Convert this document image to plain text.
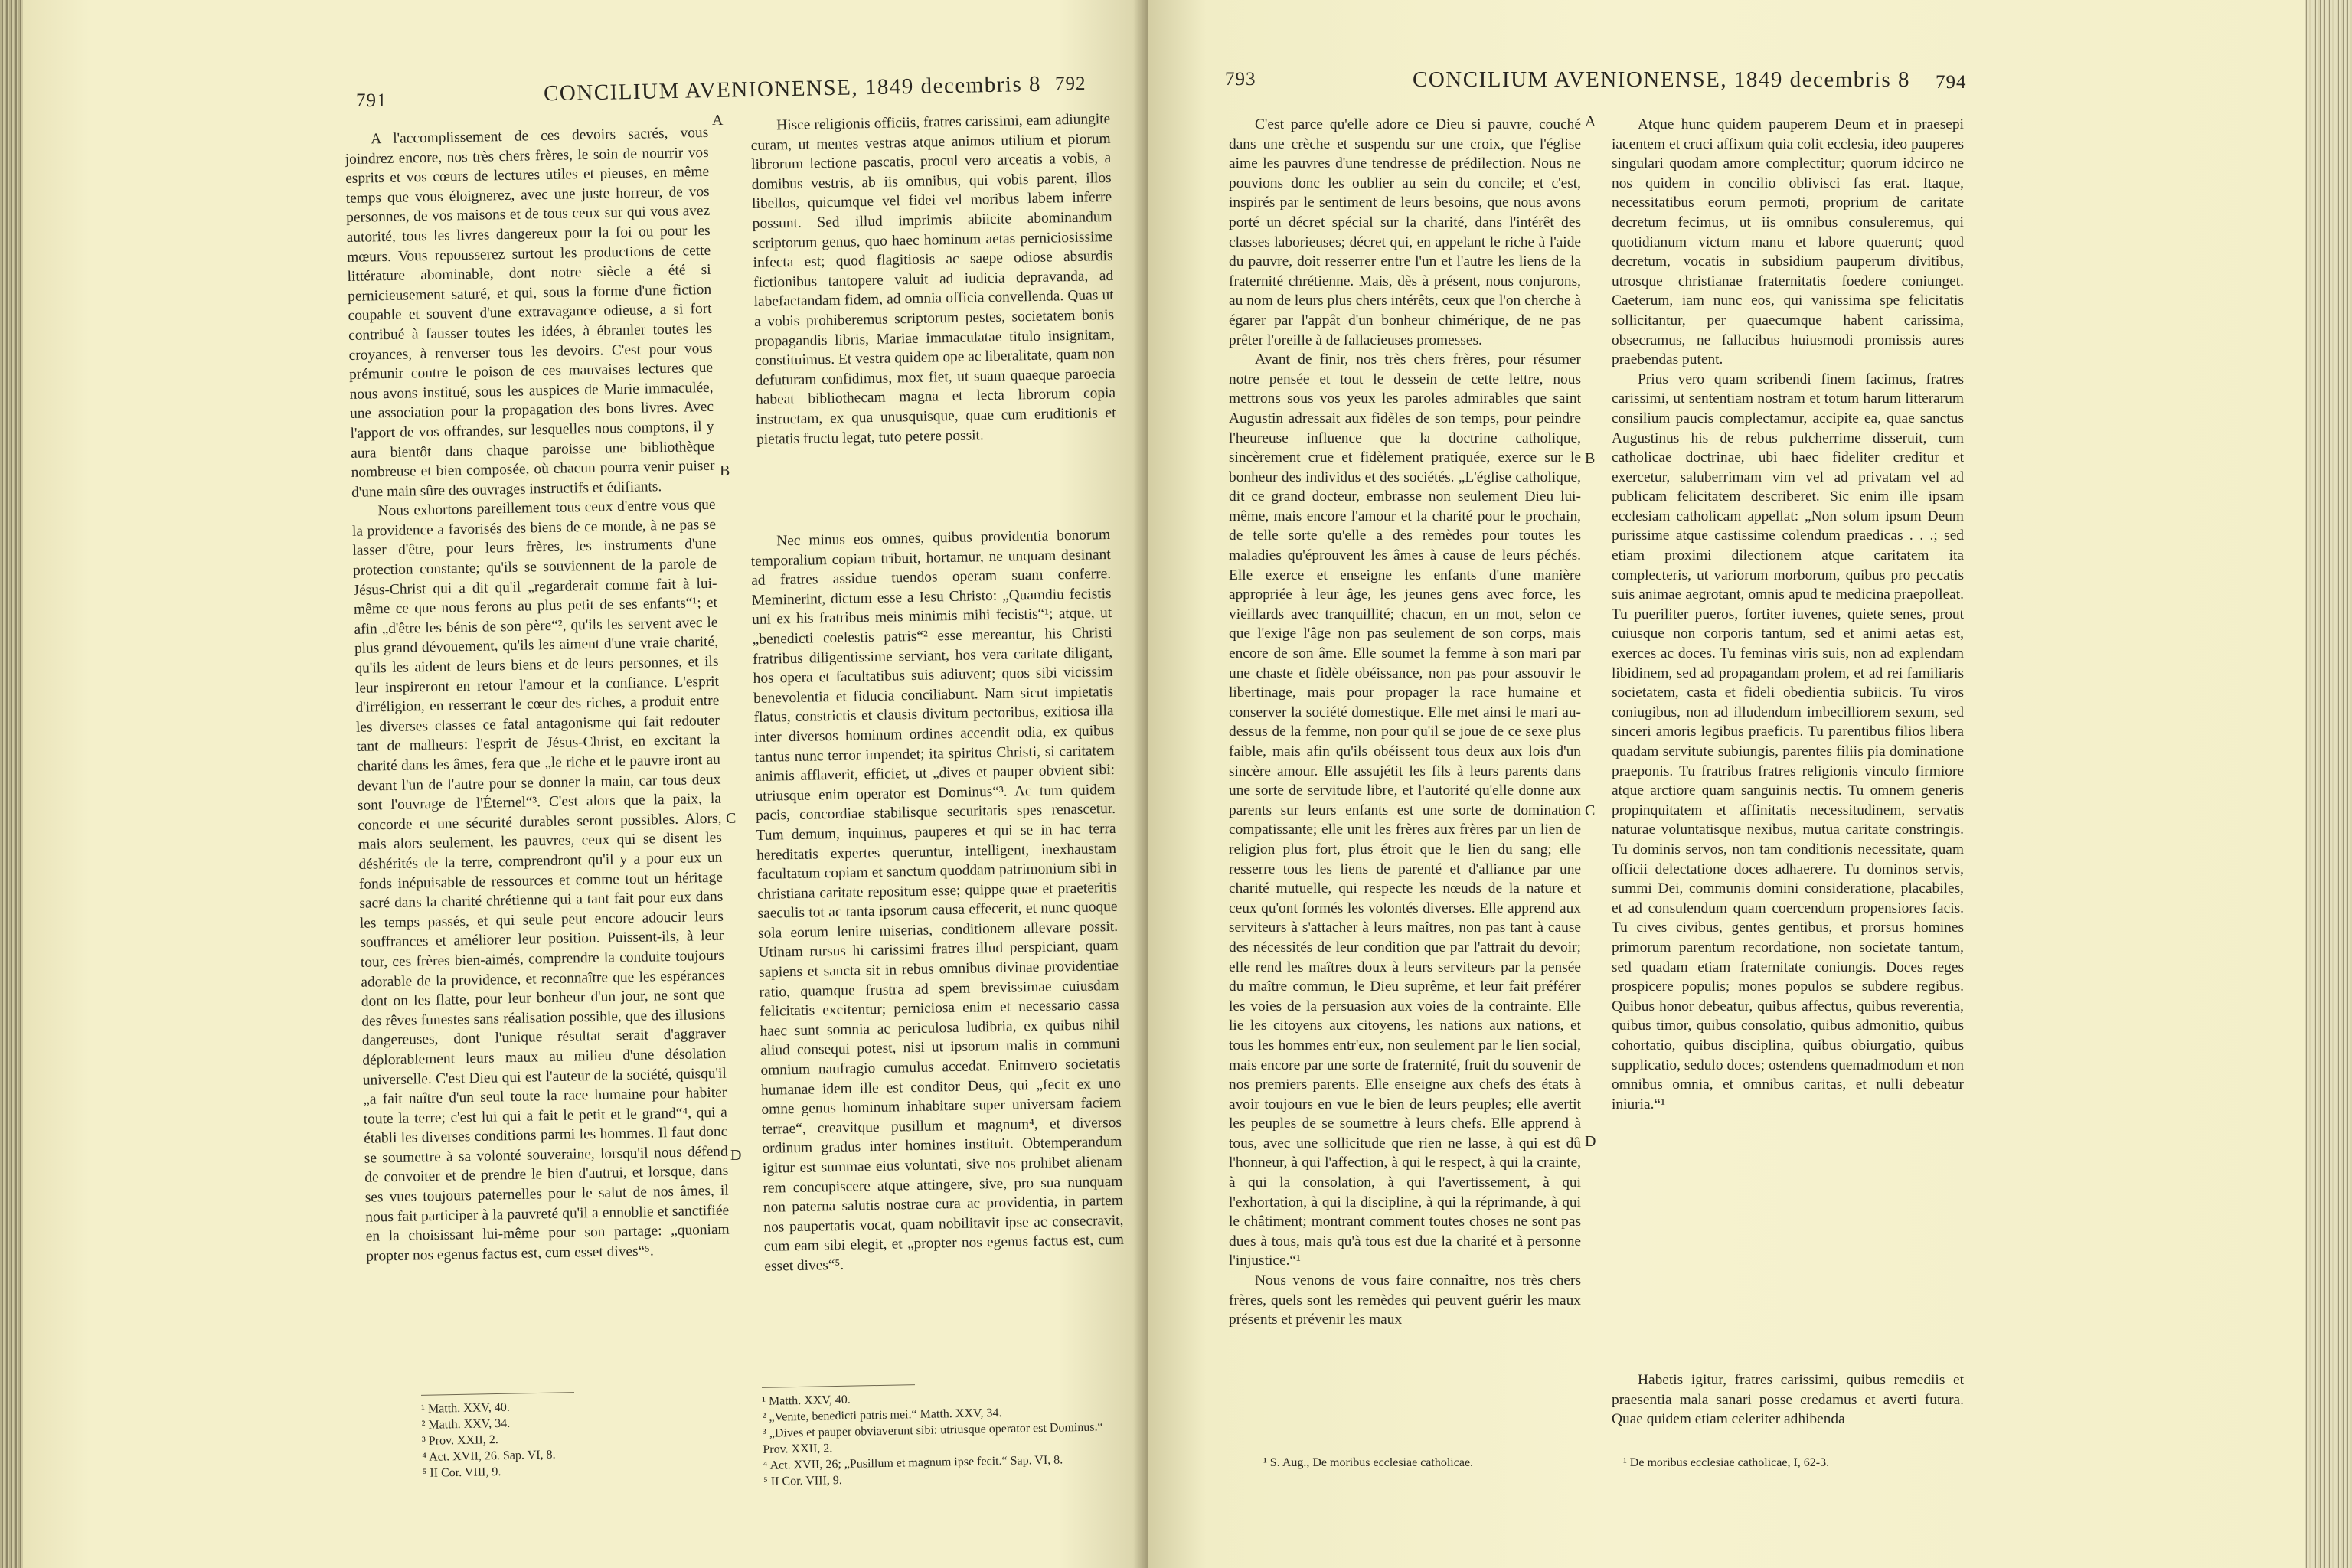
791	CONCILIUM AVENIONENSE, 1849 decembris 8 792

A l'accomplissement de ces devoirs sacrés, vous joindrez encore, nos très chers frères, le soin de nourrir vos esprits et vos cœurs de lectures utiles et pieuses, en même temps que vous éloignerez, avec une juste horreur, de vos personnes, de vos maisons et de tous ceux sur qui vous avez autorité, tous les livres dangereux pour la foi ou pour les mœurs. Vous repousserez surtout les productions de cette littérature abominable, dont notre siècle a été si pernicieusement saturé, et qui, sous la forme d'une fiction coupable et souvent d'une extravagance odieuse, a si fort contribué à fausser toutes les idées, à ébranler toutes les croyances, à renverser tous les devoirs. C'est pour vous prémunir contre le poison de ces mauvaises lectures que nous avons institué, sous les auspices de Marie immaculée, une association pour la propagation des bons livres. Avec l'apport de vos offrandes, sur lesquelles nous comptons, il y aura bientôt dans chaque paroisse une bibliothèque nombreuse et bien composée, où chacun pourra venir puiser d'une main sûre des ouvrages instructifs et édifiants.

Nous exhortons pareillement tous ceux d'entre vous que la providence a favorisés des biens de ce monde, à ne pas se lasser d'être, pour leurs frères, les instruments d'une protection constante; qu'ils se souviennent de la parole de Jésus-Christ qui a dit qu'il „regarderait comme fait à lui-même ce que nous ferons au plus petit de ses enfants“¹; et afin „d'être les bénis de son père“², qu'ils les servent avec le plus grand dévouement, qu'ils les aiment d'une vraie charité, qu'ils les aident de leurs biens et de leurs personnes, et ils leur inspireront en retour l'amour et la confiance. L'esprit d'irréligion, en resserrant le cœur des riches, a produit entre les diverses classes ce fatal antagonisme qui fait redouter tant de malheurs: l'esprit de Jésus-Christ, en excitant la charité dans les âmes, fera que „le riche et le pauvre iront au devant l'un de l'autre pour se donner la main, car tous deux sont l'ouvrage de l'Éternel“³. C'est alors que la paix, la concorde et une sécurité durables seront possibles. Alors, mais alors seulement, les pauvres, ceux qui se disent les déshérités de la terre, comprendront qu'il y a pour eux un fonds inépuisable de ressources et comme tout un héritage sacré dans la charité chrétienne qui a tant fait pour eux dans les temps passés, et qui seule peut encore adoucir leurs souffrances et améliorer leur position. Puissent-ils, à leur tour, ces frères bien-aimés, comprendre la conduite toujours adorable de la providence, et reconnaître que les espérances dont on les flatte, pour leur bonheur d'un jour, ne sont que des rêves funestes sans réalisation possible, que des illusions dangereuses, dont l'unique résultat serait d'aggraver déplorablement leurs maux au milieu d'une désolation universelle. C'est Dieu qui est l'auteur de la société, quisqu'il „a fait naître d'un seul toute la race humaine pour habiter toute la terre; c'est lui qui a fait le petit et le grand“⁴, qui a établi les diverses conditions parmi les hommes. Il faut donc se soumettre à sa volonté souveraine, lorsqu'il nous défend de convoiter et de prendre le bien d'autrui, et lorsque, dans ses vues toujours paternelles pour le salut de nos âmes, il nous fait participer à la pauvreté qu'il a ennoblie et sanctifiée en la choisissant lui-même pour son partage: „quoniam propter nos egenus factus est, cum esset dives“⁵.

Hisce religionis officiis, fratres carissimi, eam adiungite curam, ut mentes vestras atque animos utilium et piorum librorum lectione pascatis, procul vero arceatis a vobis, a domibus vestris, ab iis omnibus, qui vobis parent, illos libellos, quicumque vel fidei vel moribus labem inferre possunt. Sed illud imprimis abiicite abominandum scriptorum genus, quo haec hominum aetas perniciosissime infecta est; quod flagitiosis ac saepe odiose absurdis fictionibus tantopere valuit ad iudicia depravanda, ad labefactandam fidem, ad omnia officia convellenda. Quas ut a vobis prohiberemus scriptorum pestes, societatem bonis propagandis libris, Mariae immaculatae titulo insignitam, constituimus. Et vestra quidem ope ac liberalitate, quam non defuturam confidimus, mox fiet, ut suam quaeque paroecia habeat bibliothecam magna et lecta librorum copia instructam, ex qua unusquisque, quae cum eruditionis et pietatis fructu legat, tuto petere possit.

Nec minus eos omnes, quibus providentia bonorum temporalium copiam tribuit, hortamur, ne unquam desinant ad fratres assidue tuendos operam suam conferre. Meminerint, dictum esse a Iesu Christo: „Quamdiu fecistis uni ex his fratribus meis minimis mihi fecistis“¹; atque, ut „benedicti coelestis patris“² esse mereantur, his Christi fratribus diligentissime serviant, hos vera caritate diligant, hos opera et facultatibus suis adiuvent; quos sibi vicissim benevolentia et fiducia conciliabunt. Nam sicut impietatis flatus, constrictis et clausis divitum pectoribus, exitiosa illa inter diversos hominum ordines accendit odia, ex quibus tantus nunc terror impendet; ita spiritus Christi, si caritatem animis afflaverit, efficiet, ut „dives et pauper obvient sibi: utriusque enim operator est Dominus“³. Ac tum quidem pacis, concordiae stabilisque securitatis spes renascetur. Tum demum, inquimus, pauperes et qui se in hac terra hereditatis expertes queruntur, intelligent, inexhaustam facultatum copiam et sanctum quoddam patrimonium sibi in christiana caritate repositum esse; quippe quae et praeteritis saeculis tot ac tanta ipsorum causa effecerit, et nunc quoque sola eorum lenire miserias, conditionem allevare possit. Utinam rursus hi carissimi fratres illud perspiciant, quam sapiens et sancta sit in rebus omnibus divinae providentiae ratio, quamque frustra ad spem brevissimae cuiusdam felicitatis excitentur; perniciosa enim et necessario cassa haec sunt somnia ac periculosa ludibria, ex quibus nihil aliud consequi potest, nisi ut ipsorum malis in communi omnium naufragio cumulus accedat. Enimvero societatis humanae idem ille est conditor Deus, qui „fecit ex uno omne genus hominum inhabitare super universam faciem terrae“, creavitque pusillum et magnum⁴, et diversos ordinum gradus inter homines instituit. Obtemperandum igitur est summae eius voluntati, sive nos prohibet alienam rem concupiscere atque attingere, sive, pro sua nunquam non paterna salutis nostrae cura ac providentia, in partem nos paupertatis vocat, quam nobilitavit ipse ac consecravit, cum eam sibi elegit, et „propter nos egenus factus est, cum esset dives“⁵.

A
B
C
D
¹ Matth. XXV, 40.
² Matth. XXV, 34.
³ Prov. XXII, 2.
⁴ Act. XVII, 26. Sap. VI, 8.
⁵ II Cor. VIII, 9.
¹ Matth. XXV, 40.
² „Venite, benedicti patris mei.“ Matth. XXV, 34.
³ „Dives et pauper obviaverunt sibi: utriusque operator est Dominus.“ Prov. XXII, 2.
⁴ Act. XVII, 26; „Pusillum et magnum ipse fecit.“ Sap. VI, 8.
⁵ II Cor. VIII, 9.
793	CONCILIUM AVENIONENSE, 1849 decembris 8 794

C'est parce qu'elle adore ce Dieu si pauvre, couché dans une crèche et suspendu sur une croix, que l'église aime les pauvres d'une tendresse de prédilection. Nous ne pouvions donc les oublier au sein du concile; et c'est, inspirés par le sentiment de leurs besoins, que nous avons porté un décret spécial sur la charité, dans l'intérêt des classes laborieuses; décret qui, en appelant le riche à l'aide du pauvre, doit resserrer entre l'un et l'autre les liens de la fraternité chrétienne. Mais, dès à présent, nous conjurons, au nom de leurs plus chers intérêts, ceux que l'on cherche à égarer par l'appât d'un bonheur chimérique, de ne pas prêter l'oreille à de fallacieuses promesses.

Avant de finir, nos très chers frères, pour résumer notre pensée et tout le dessein de cette lettre, nous mettrons sous vos yeux les paroles admirables que saint Augustin adressait aux fidèles de son temps, pour peindre l'heureuse influence que la doctrine catholique, sincèrement crue et fidèlement pratiquée, exerce sur le bonheur des individus et des sociétés. „L'église catholique, dit ce grand docteur, embrasse non seulement Dieu lui-même, mais encore l'amour et la charité pour le prochain, de telle sorte qu'elle a des remèdes pour toutes les maladies qu'éprouvent les âmes à cause de leurs péchés. Elle exerce et enseigne les enfants d'une manière appropriée à leur âge, les jeunes gens avec force, les vieillards avec tranquillité; chacun, en un mot, selon ce que l'exige l'âge non pas seulement de son corps, mais encore de son âme. Elle soumet la femme à son mari par une chaste et fidèle obéissance, non pas pour assouvir le libertinage, mais pour propager la race humaine et conserver la société domestique. Elle met ainsi le mari au-dessus de la femme, non pour qu'il se joue de ce sexe plus faible, mais afin qu'ils obéissent tous deux aux lois d'un sincère amour. Elle assujétit les fils à leurs parents dans une sorte de servitude libre, et l'autorité qu'elle donne aux parents sur leurs enfants est une sorte de domination compatissante; elle unit les frères aux frères par un lien de religion plus fort, plus étroit que le lien du sang; elle resserre tous les liens de parenté et d'alliance par une charité mutuelle, qui respecte les nœuds de la nature et ceux qu'ont formés les volontés diverses. Elle apprend aux serviteurs à s'attacher à leurs maîtres, non pas tant à cause des nécessités de leur condition que par l'attrait du devoir; elle rend les maîtres doux à leurs serviteurs par la pensée du maître commun, le Dieu suprême, et leur fait préférer les voies de la persuasion aux voies de la contrainte. Elle lie les citoyens aux citoyens, les nations aux nations, et tous les hommes entr'eux, non seulement par le lien social, mais encore par une sorte de fraternité, fruit du souvenir de nos premiers parents. Elle enseigne aux chefs des états à avoir toujours en vue le bien de leurs peuples; elle avertit les peuples de se soumettre à leurs chefs. Elle apprend à tous, avec une sollicitude que rien ne lasse, à qui est dû l'honneur, à qui l'affection, à qui le respect, à qui la crainte, à qui la consolation, à qui l'avertissement, à qui l'exhortation, à qui la discipline, à qui la réprimande, à qui le châtiment; montrant comment toutes choses ne sont pas dues à tous, mais qu'à tous est due la charité et à personne l'injustice.“¹

Nous venons de vous faire connaître, nos très chers frères, quels sont les remèdes qui peuvent guérir les maux présents et prévenir les maux

Atque hunc quidem pauperem Deum et in praesepi iacentem et cruci affixum quia colit ecclesia, ideo pauperes singulari quodam amore complectitur; quorum idcirco ne nos quidem in concilio oblivisci fas erat. Itaque, necessitatibus eorum permoti, proprium de caritate decretum fecimus, ut iis omnibus consuleremus, qui quotidianum victum manu et labore quaerunt; quod decretum, vocatis in subsidium pauperum divitibus, utrosque christianae fraternitatis foedere coniunget. Caeterum, iam nunc eos, qui vanissima spe felicitatis sollicitantur, per quaecumque habent carissima, obsecramus, ne fallacibus huiusmodi promissis aures praebendas putent.

Prius vero quam scribendi finem facimus, fratres carissimi, ut sententiam nostram et totum harum litterarum consilium paucis complectamur, accipite ea, quae sanctus Augustinus his de rebus pulcherrime disseruit, cum catholicae doctrinae, ubi haec fideliter creditur et exercetur, saluberrimam vim vel ad privatam vel ad publicam felicitatem describeret. Sic enim ille ipsam ecclesiam catholicam appellat: „Non solum ipsum Deum purissime atque castissime colendum praedicas . . .; sed etiam proximi dilectionem atque caritatem ita complecteris, ut variorum morborum, quibus pro peccatis suis animae aegrotant, omnis apud te medicina praepolleat. Tu pueriliter pueros, fortiter iuvenes, quiete senes, prout cuiusque non corporis tantum, sed et animi aetas est, exerces ac doces. Tu feminas viris suis, non ad explendam libidinem, sed ad propagandam prolem, et ad rei familiaris societatem, casta et fideli obedientia subiicis. Tu viros coniugibus, non ad illudendum imbecilliorem sexum, sed sinceri amoris legibus praeficis. Tu parentibus filios libera quadam servitute subiungis, parentes filiis pia dominatione praeponis. Tu fratribus fratres religionis vinculo firmiore atque arctiore quam sanguinis nectis. Tu omnem generis propinquitatem et affinitatis necessitudinem, servatis naturae voluntatisque nexibus, mutua caritate constringis. Tu dominis servos, non tam conditionis necessitate, quam officii delectatione doces adhaerere. Tu dominos servis, summi Dei, communis domini consideratione, placabiles, et ad consulendum quam coercendum propensiores facis. Tu cives civibus, gentes gentibus, et prorsus homines primorum parentum recordatione, non societate tantum, sed quadam etiam fraternitate coniungis. Doces reges prospicere populis; mones populos se subdere regibus. Quibus honor debeatur, quibus affectus, quibus reverentia, quibus timor, quibus consolatio, quibus admonitio, quibus cohortatio, quibus disciplina, quibus obiurgatio, quibus supplicatio, sedulo doces; ostendens quemadmodum et non omnibus omnia, et omnibus caritas, et nulli debeatur iniuria.“¹

Habetis igitur, fratres carissimi, quibus remediis et praesentia mala sanari posse credamus et averti futura. Quae quidem etiam celeriter adhibenda

A
B
C
D
¹ S. Aug., De moribus ecclesiae catholicae.	¹ De moribus ecclesiae catholicae, I, 62-3.
